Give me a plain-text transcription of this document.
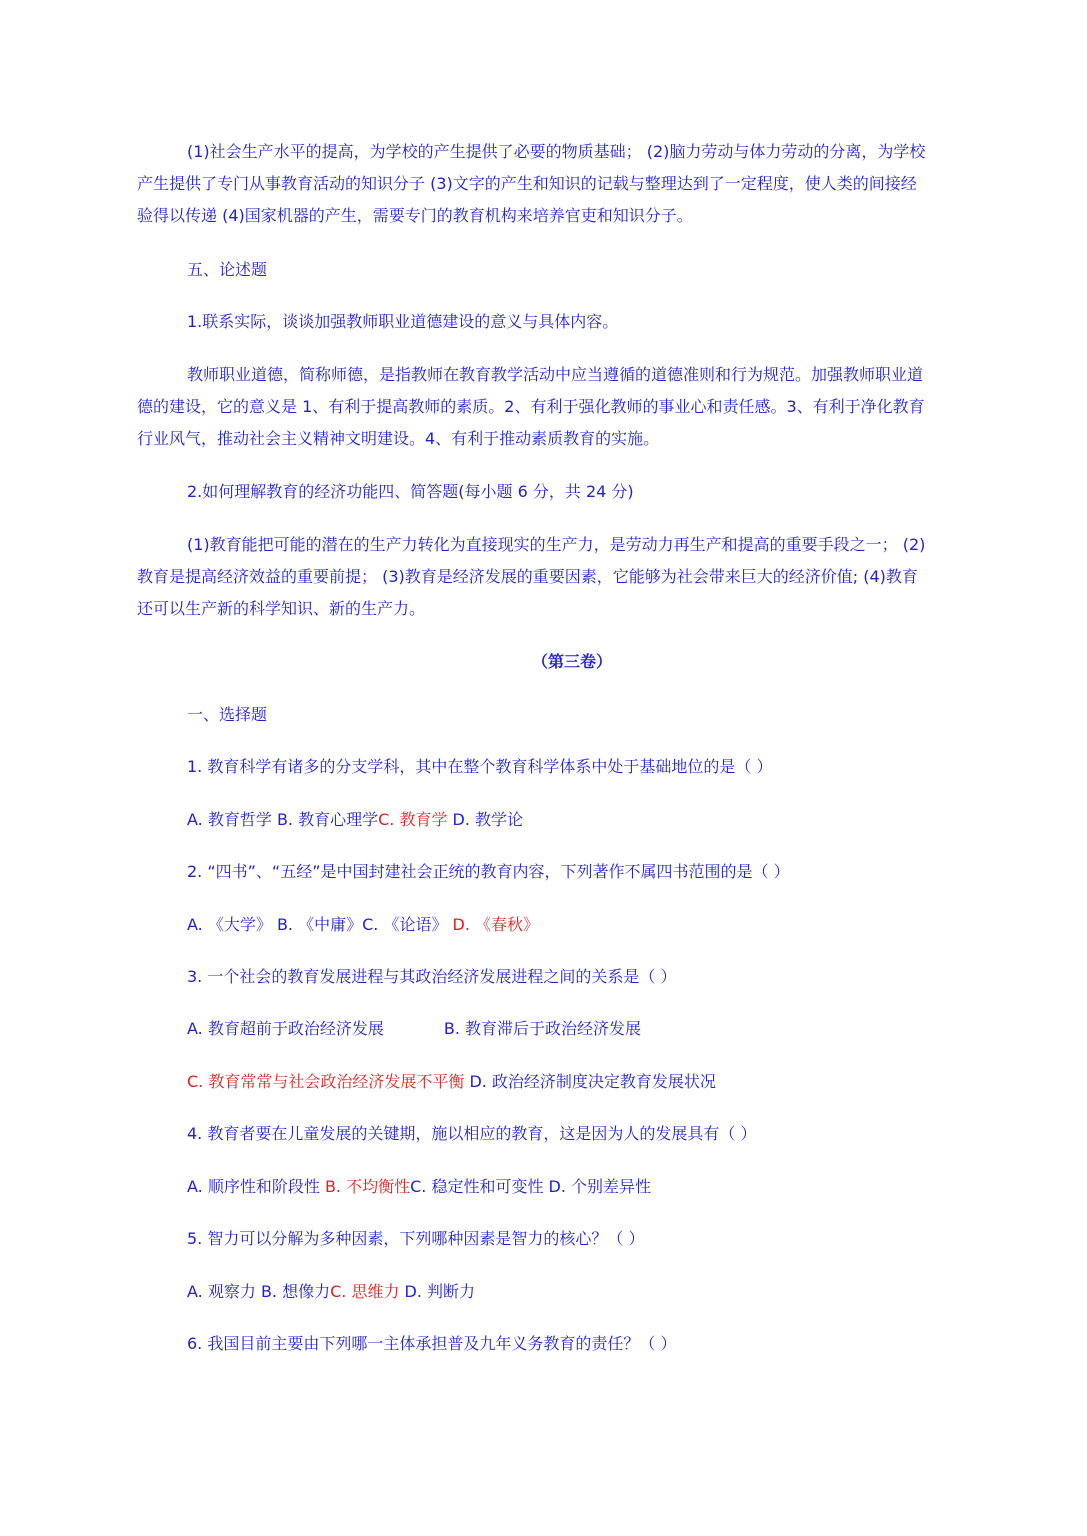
(1)社会生产水平的提高，为学校的产生提供了必要的物质基础； (2)脑力劳动与体力劳动的分离，为学校
产生提供了专门从事教育活动的知识分子 (3)文字的产生和知识的记载与整理达到了一定程度，使人类的间接经
验得以传递 (4)国家机器的产生，需要专门的教育机构来培养官吏和知识分子。
五、论述题
1.联系实际，谈谈加强教师职业道德建设的意义与具体内容。
教师职业道德，简称师德，是指教师在教育教学活动中应当遵循的道德准则和行为规范。加强教师职业道
德的建设，它的意义是 1、有利于提高教师的素质。2、有利于强化教师的事业心和责任感。3、有利于净化教育
行业风气，推动社会主义精神文明建设。4、有利于推动素质教育的实施。
2.如何理解教育的经济功能四、简答题(每小题 6 分，共 24 分)
(1)教育能把可能的潜在的生产力转化为直接现实的生产力，是劳动力再生产和提高的重要手段之一； (2)
教育是提高经济效益的重要前提； (3)教育是经济发展的重要因素，它能够为社会带来巨大的经济价值; (4)教育
还可以生产新的科学知识、新的生产力。
（第三卷）
一、选择题
1. 教育科学有诸多的分支学科，其中在整个教育科学体系中处于基础地位的是（ ）
A. 教育哲学 B. 教育心理学C. 教育学 D. 教学论
2. “四书”、“五经”是中国封建社会正统的教育内容，下列著作不属四书范围的是（ ）
A. 《大学》 B. 《中庸》C. 《论语》 D. 《春秋》
3. 一个社会的教育发展进程与其政治经济发展进程之间的关系是（ ）
A. 教育超前于政治经济发展	B. 教育滞后于政治经济发展
C. 教育常常与社会政治经济发展不平衡 D. 政治经济制度决定教育发展状况
4. 教育者要在儿童发展的关键期，施以相应的教育，这是因为人的发展具有（ ）
A. 顺序性和阶段性 B. 不均衡性C. 稳定性和可变性 D. 个别差异性
5. 智力可以分解为多种因素，下列哪种因素是智力的核心？（ ）
A. 观察力 B. 想像力C. 思维力 D. 判断力
6. 我国目前主要由下列哪一主体承担普及九年义务教育的责任？（ ）
